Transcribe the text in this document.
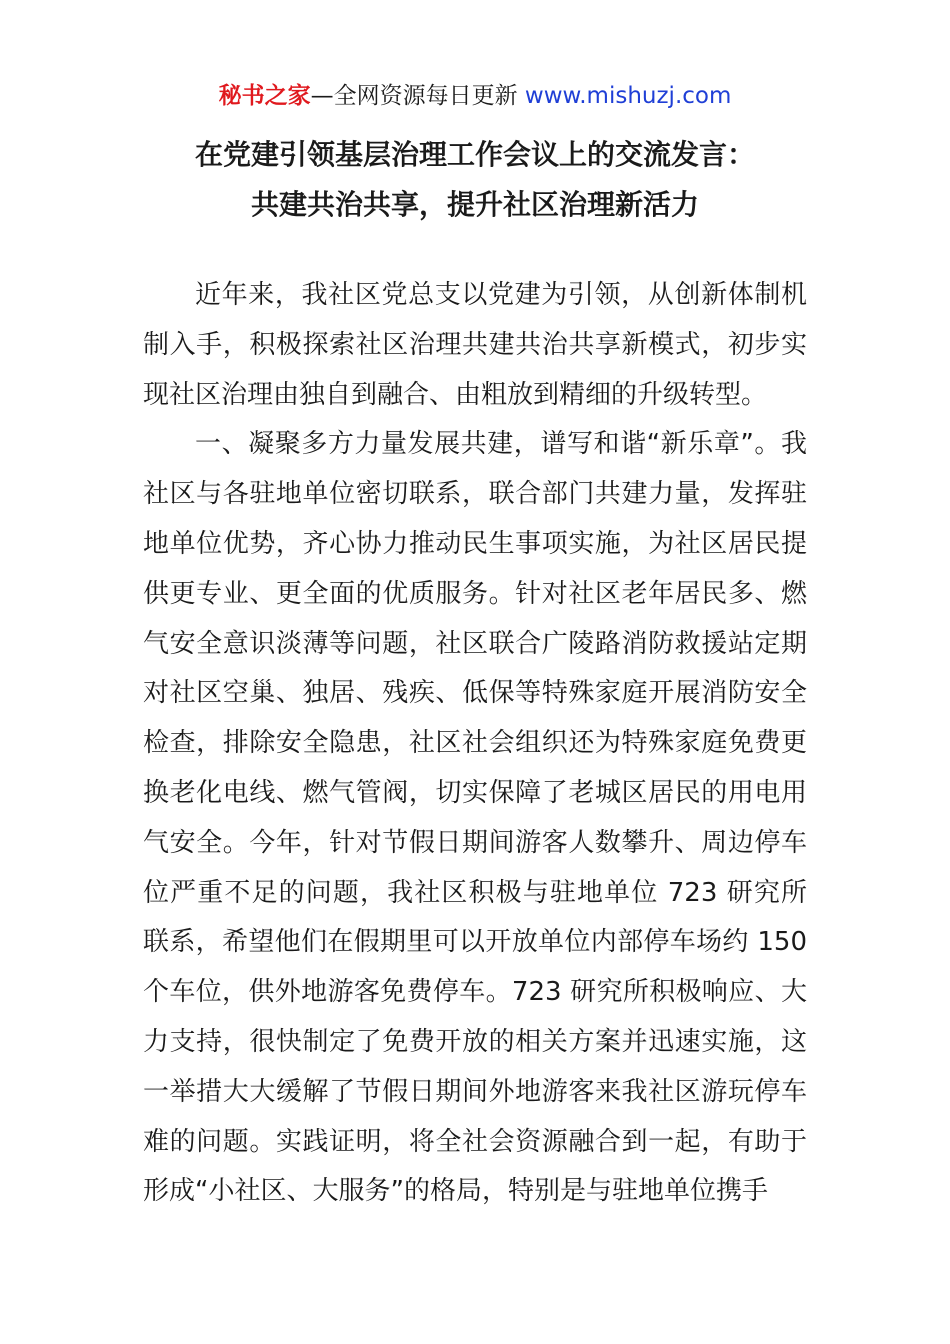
秘书之家—全网资源每日更新 www.mishuzj.com
在党建引领基层治理工作会议上的交流发言：
共建共治共享，提升社区治理新活力

近年来，我社区党总支以党建为引领，从创新体制机制入手，积极探索社区治理共建共治共享新模式，初步实现社区治理由独自到融合、由粗放到精细的升级转型。

一、凝聚多方力量发展共建，谱写和谐“新乐章”。我社区与各驻地单位密切联系，联合部门共建力量，发挥驻地单位优势，齐心协力推动民生事项实施，为社区居民提供更专业、更全面的优质服务。针对社区老年居民多、燃气安全意识淡薄等问题，社区联合广陵路消防救援站定期对社区空巢、独居、残疾、低保等特殊家庭开展消防安全检查，排除安全隐患，社区社会组织还为特殊家庭免费更换老化电线、燃气管阀，切实保障了老城区居民的用电用气安全。今年，针对节假日期间游客人数攀升、周边停车位严重不足的问题，我社区积极与驻地单位 723 研究所联系，希望他们在假期里可以开放单位内部停车场约 150 个车位，供外地游客免费停车。723 研究所积极响应、大力支持，很快制定了免费开放的相关方案并迅速实施，这一举措大大缓解了节假日期间外地游客来我社区游玩停车难的问题。实践证明，将全社会资源融合到一起，有助于形成“小社区、大服务”的格局，特别是与驻地单位携手
